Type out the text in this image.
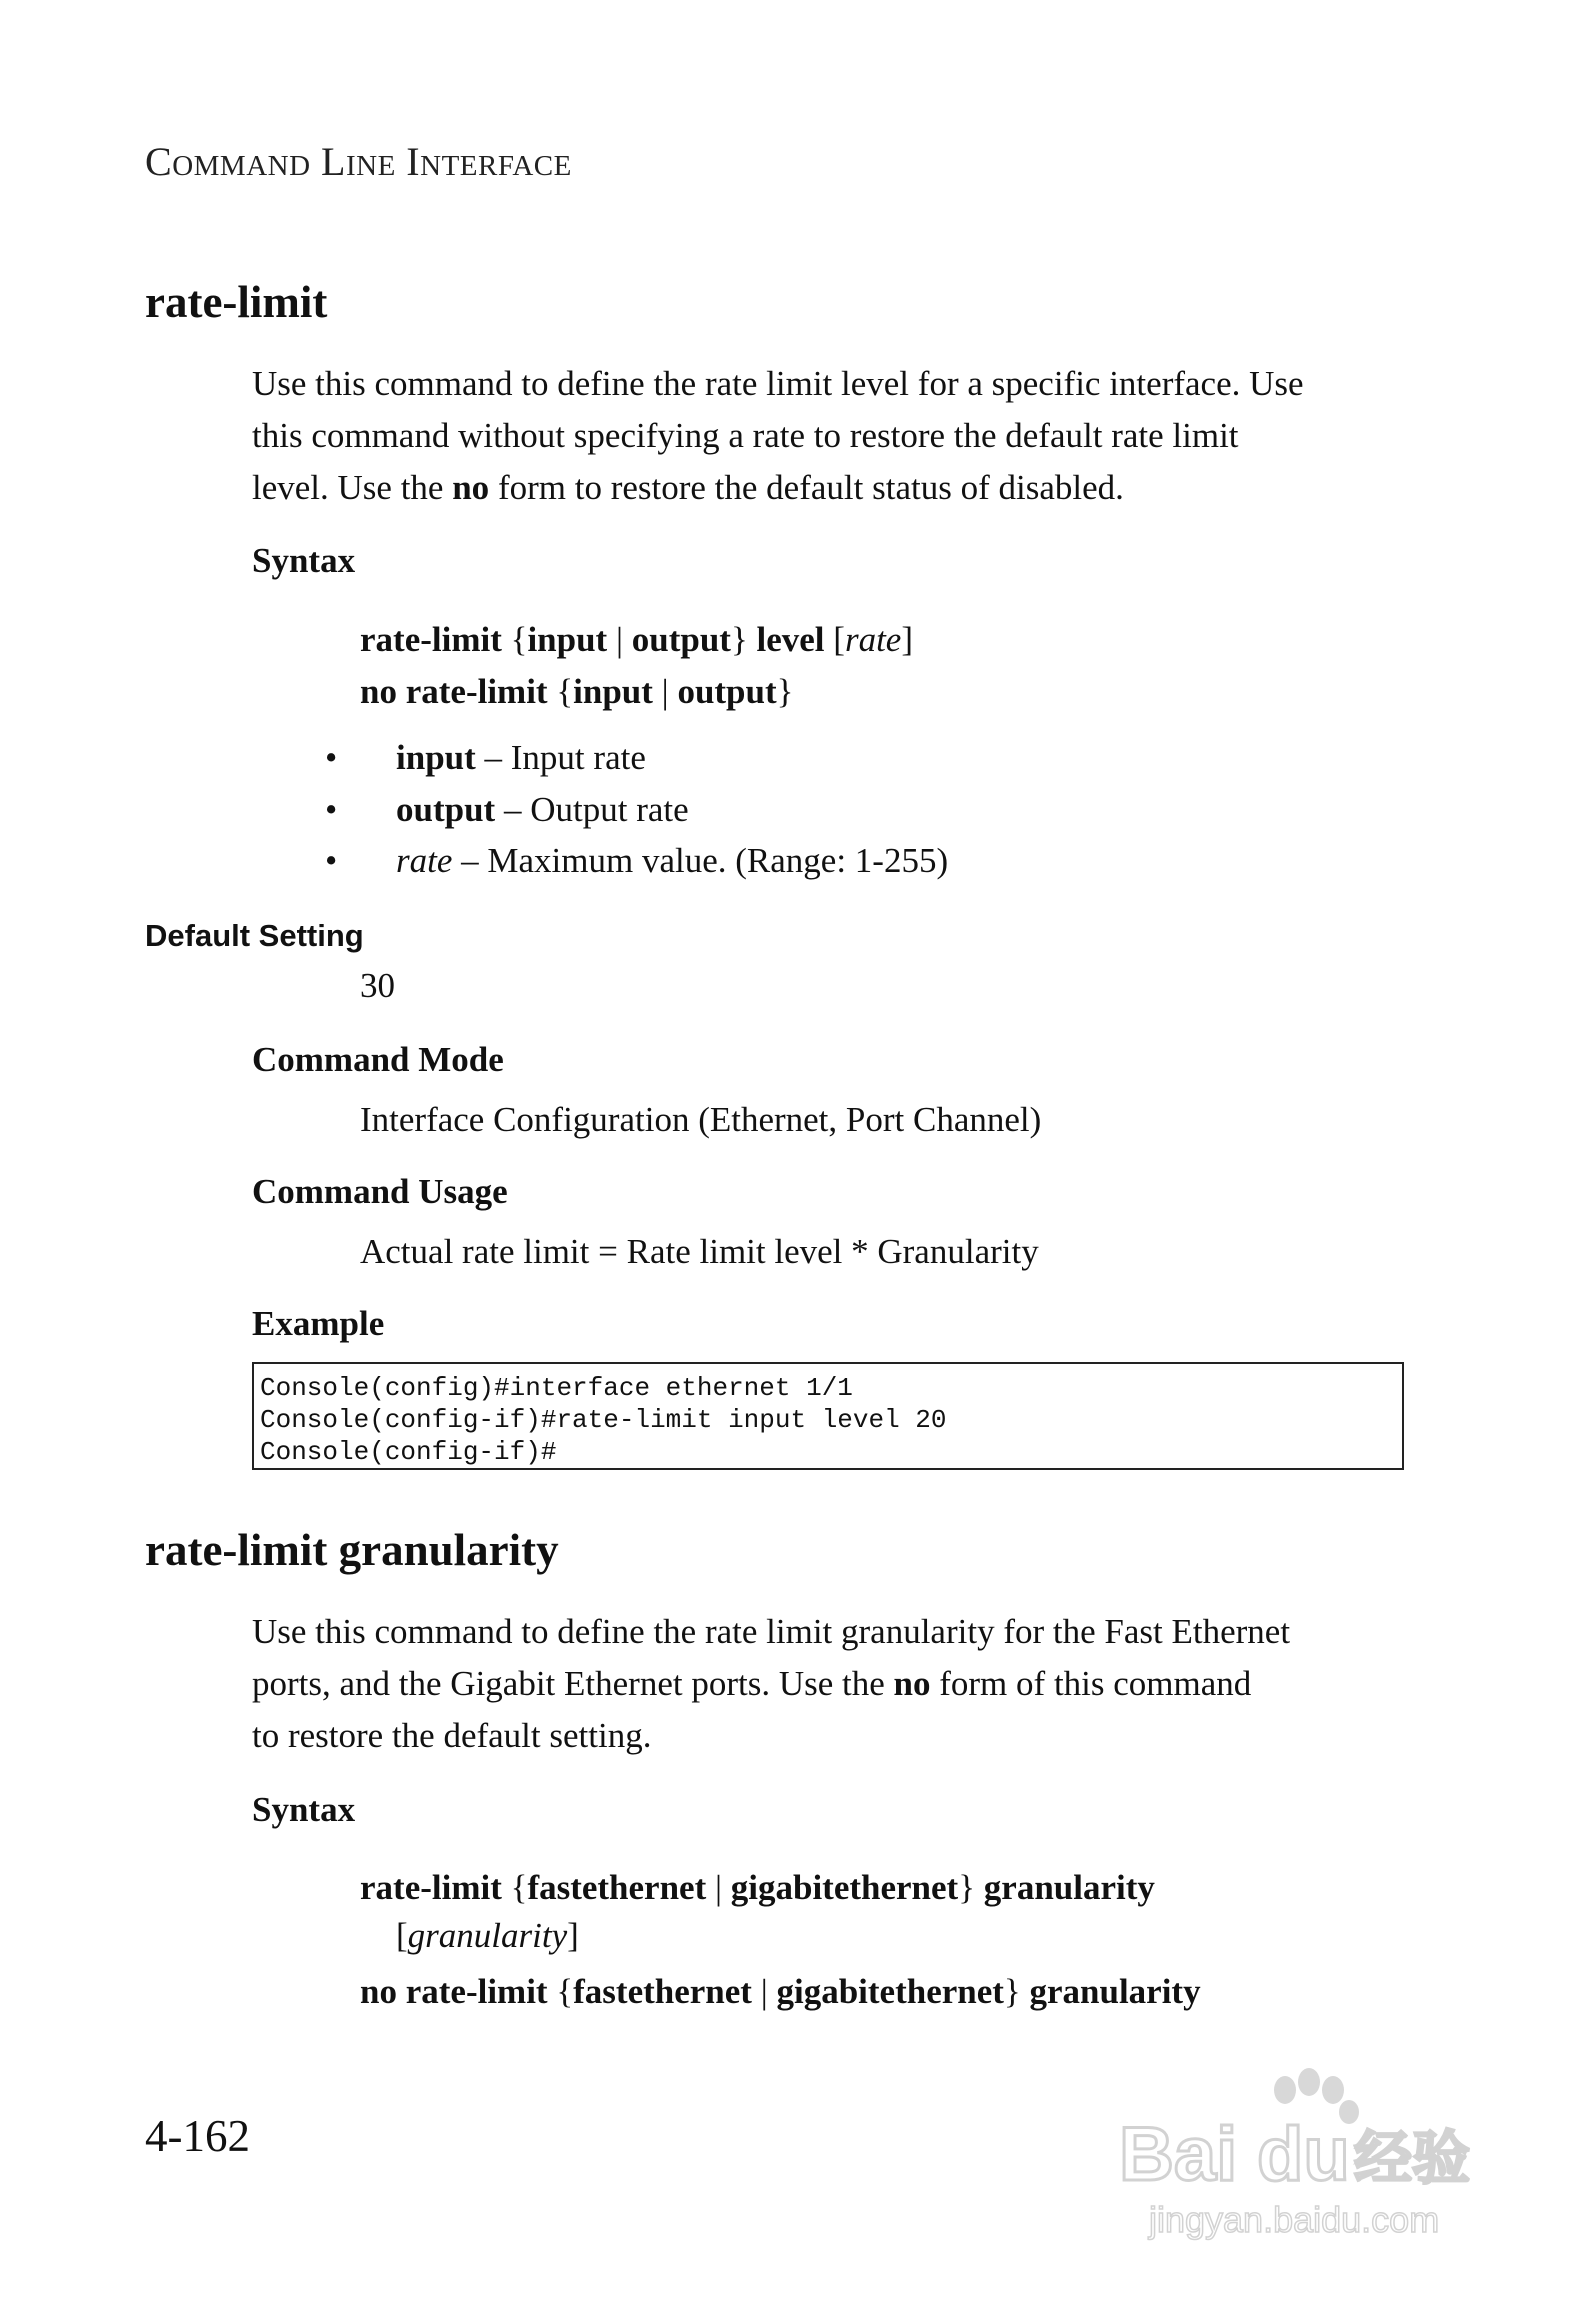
COMMAND LINE INTERFACE
rate-limit

Use this command to define the rate limit level for a specific interface. Use
this command without specifying a rate to restore the default rate limit
level. Use the no form to restore the default status of disabled.

Syntax

rate-limit {input | output} level [rate]
no rate-limit {input | output}
• input – Input rate
• output – Output rate
• rate – Maximum value. (Range: 1-255)

Default Setting

30

Command Mode

Interface Configuration (Ethernet, Port Channel)

Command Usage

Actual rate limit = Rate limit level * Granularity

Example

Console(config)#interface ethernet 1/1
Console(config-if)#rate-limit input level 20
Console(config-if)#
rate-limit granularity

Use this command to define the rate limit granularity for the Fast Ethernet
ports, and the Gigabit Ethernet ports. Use the no form of this command
to restore the default setting.

Syntax

rate-limit {fastethernet | gigabitethernet} granularity
[granularity]
no rate-limit {fastethernet | gigabitethernet} granularity
4-162	Bai du 经验
jingyan.baidu.com
